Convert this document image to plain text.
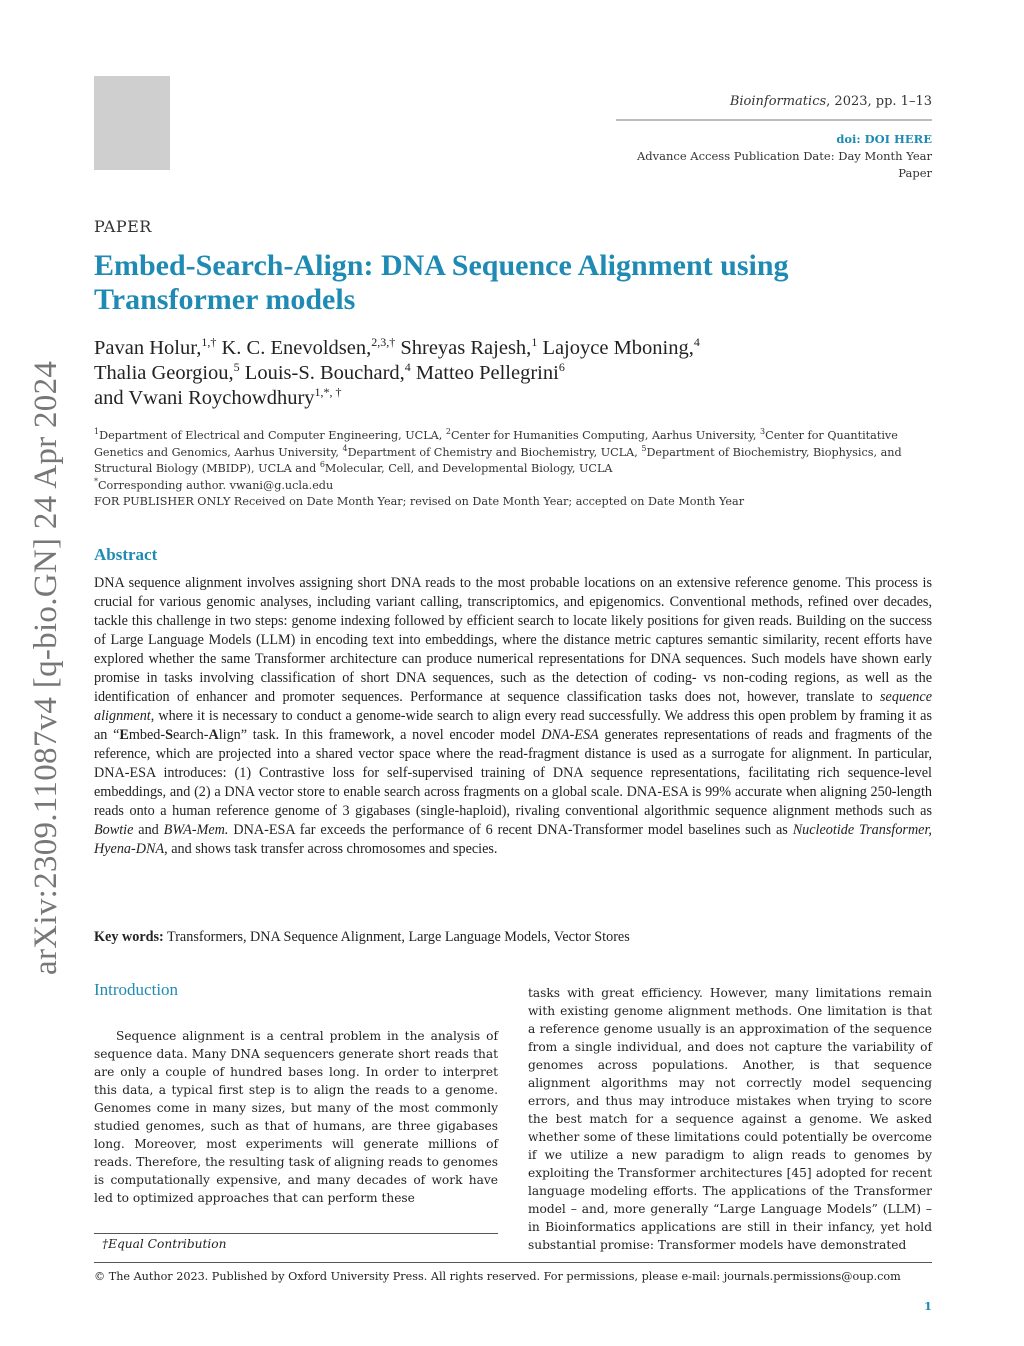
Bioinformatics, 2023, pp. 1–13
doi: DOI HERE
Advance Access Publication Date: Day Month Year
Paper
arXiv:2309.11087v4 [q-bio.GN] 24 Apr 2024
PAPER
Embed-Search-Align: DNA Sequence Alignment using Transformer models
Pavan Holur,$^{1,\dagger}$ K. C. Enevoldsen,$^{2,3,\dagger}$ Shreyas Rajesh,$^1$ Lajoyce Mboning,$^4$
Thalia Georgiou,$^5$ Louis-S. Bouchard,$^4$ Matteo Pellegrini$^6$
and Vwani Roychowdhury$^{1,*, \dagger}$
$^1$Department of Electrical and Computer Engineering, UCLA, $^2$Center for Humanities Computing, Aarhus University, $^3$Center for Quantitative Genetics and Genomics, Aarhus University, $^4$Department of Chemistry and Biochemistry, UCLA, $^5$Department of Biochemistry, Biophysics, and Structural Biology (MBIDP), UCLA and $^6$Molecular, Cell, and Developmental Biology, UCLA
*Corresponding author. vwani@g.ucla.edu
FOR PUBLISHER ONLY Received on Date Month Year; revised on Date Month Year; accepted on Date Month Year
Abstract
DNA sequence alignment involves assigning short DNA reads to the most probable locations on an extensive reference genome. This process is crucial for various genomic analyses, including variant calling, transcriptomics, and epigenomics. Conventional methods, refined over decades, tackle this challenge in two steps: genome indexing followed by efficient search to locate likely positions for given reads. Building on the success of Large Language Models (LLM) in encoding text into embeddings, where the distance metric captures semantic similarity, recent efforts have explored whether the same Transformer architecture can produce numerical representations for DNA sequences. Such models have shown early promise in tasks involving classification of short DNA sequences, such as the detection of coding- vs non-coding regions, as well as the identification of enhancer and promoter sequences. Performance at sequence classification tasks does not, however, translate to sequence alignment, where it is necessary to conduct a genome-wide search to align every read successfully. We address this open problem by framing it as an “Embed-Search-Align” task. In this framework, a novel encoder model DNA-ESA generates representations of reads and fragments of the reference, which are projected into a shared vector space where the read-fragment distance is used as a surrogate for alignment. In particular, DNA-ESA introduces: (1) Contrastive loss for self-supervised training of DNA sequence representations, facilitating rich sequence-level embeddings, and (2) a DNA vector store to enable search across fragments on a global scale. DNA-ESA is 99% accurate when aligning 250-length reads onto a human reference genome of 3 gigabases (single-haploid), rivaling conventional algorithmic sequence alignment methods such as Bowtie and BWA-Mem. DNA-ESA far exceeds the performance of 6 recent DNA-Transformer model baselines such as Nucleotide Transformer, Hyena-DNA, and shows task transfer across chromosomes and species.
Key words: Transformers, DNA Sequence Alignment, Large Language Models, Vector Stores
Introduction

Sequence alignment is a central problem in the analysis of sequence data. Many DNA sequencers generate short reads that are only a couple of hundred bases long. In order to interpret this data, a typical first step is to align the reads to a genome. Genomes come in many sizes, but many of the most commonly studied genomes, such as that of humans, are three gigabases long. Moreover, most experiments will generate millions of reads. Therefore, the resulting task of aligning reads to genomes is computationally expensive, and many decades of work have led to optimized approaches that can perform these

tasks with great efficiency. However, many limitations remain with existing genome alignment methods. One limitation is that a reference genome usually is an approximation of the sequence from a single individual, and does not capture the variability of genomes across populations. Another, is that sequence alignment algorithms may not correctly model sequencing errors, and thus may introduce mistakes when trying to score the best match for a sequence against a genome. We asked whether some of these limitations could potentially be overcome if we utilize a new paradigm to align reads to genomes by exploiting the Transformer architectures [45] adopted for recent language modeling efforts. The applications of the Transformer model – and, more generally “Large Language Models” (LLM) – in Bioinformatics applications are still in their infancy, yet hold substantial promise: Transformer models have demonstrated

†Equal Contribution
© The Author 2023. Published by Oxford University Press. All rights reserved. For permissions, please e-mail: journals.permissions@oup.com
1
